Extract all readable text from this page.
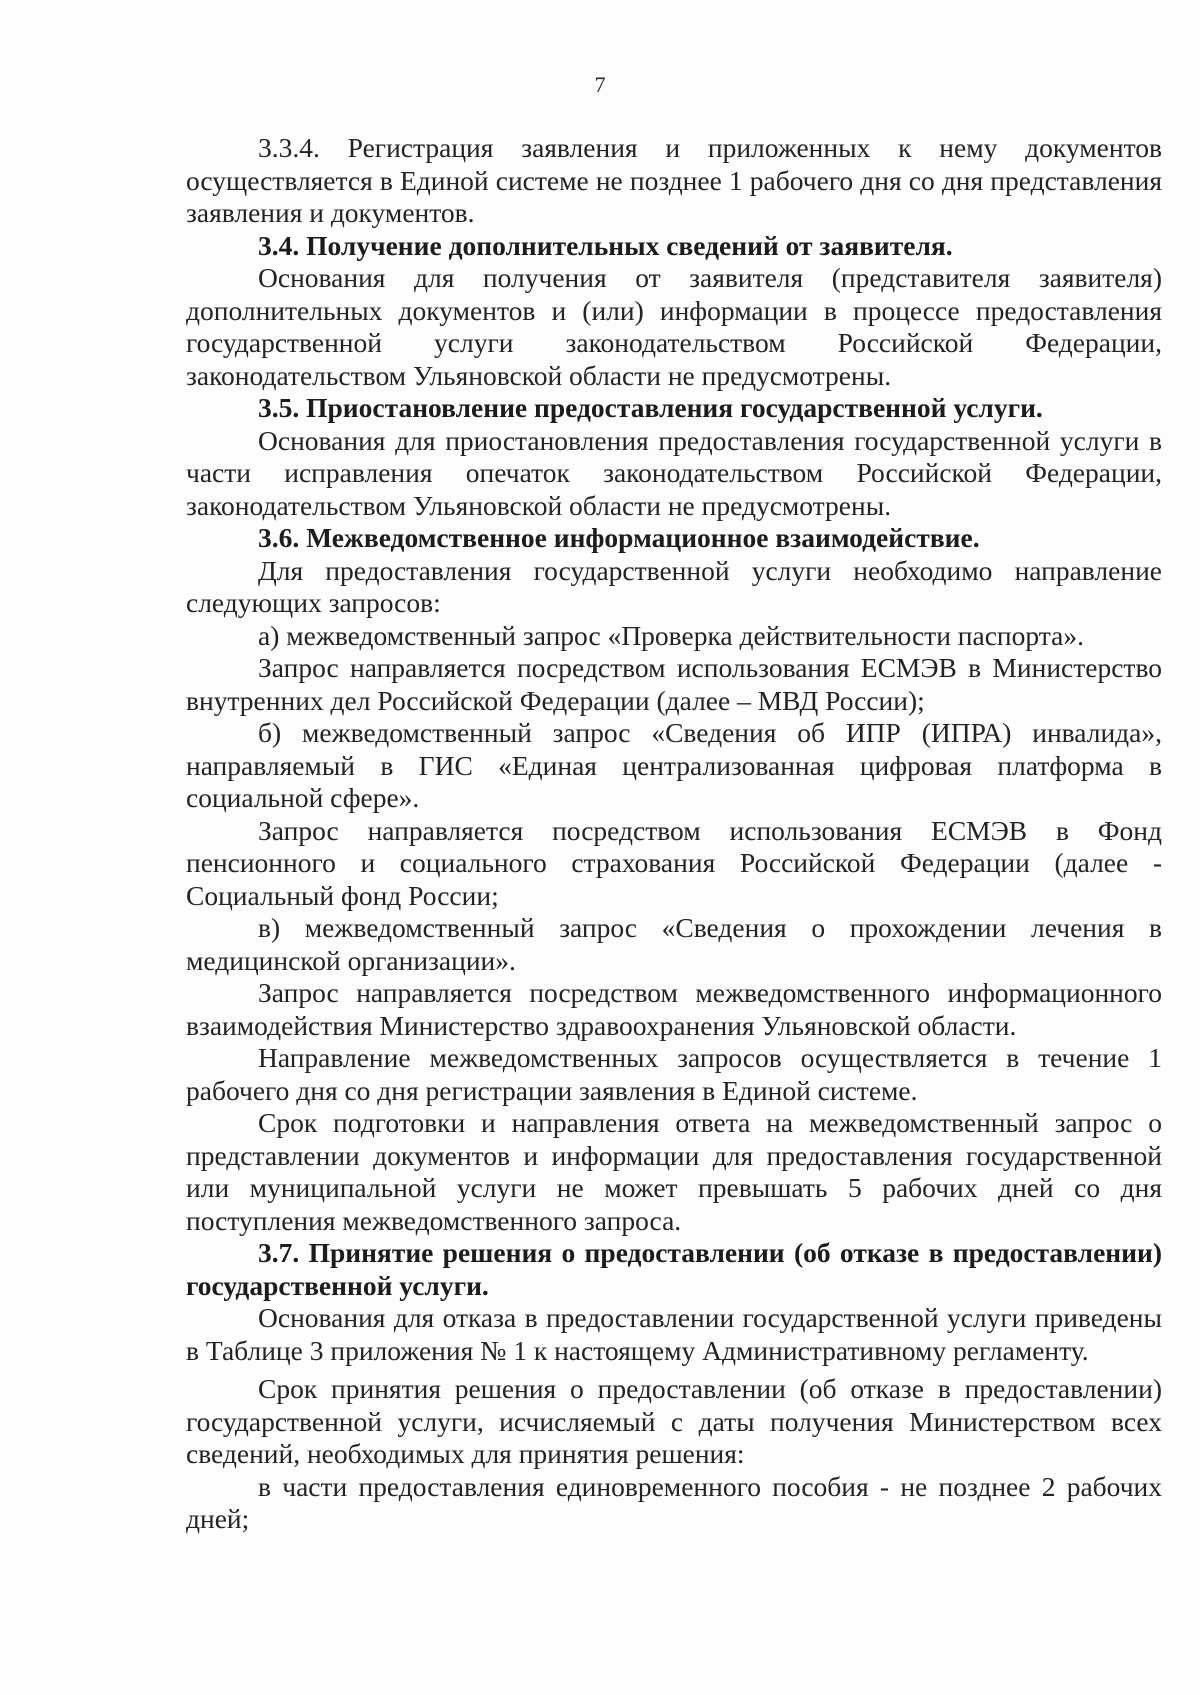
7

3.3.4. Регистрация заявления и приложенных к нему документов осуществляется в Единой системе не позднее 1 рабочего дня со дня представления заявления и документов.

3.4. Получение дополнительных сведений от заявителя.

Основания для получения от заявителя (представителя заявителя) дополнительных документов и (или) информации в процессе предоставления государственной услуги законодательством Российской Федерации, законодательством Ульяновской области не предусмотрены.

3.5. Приостановление предоставления государственной услуги.

Основания для приостановления предоставления государственной услуги в части исправления опечаток законодательством Российской Федерации, законодательством Ульяновской области не предусмотрены.

3.6. Межведомственное информационное взаимодействие.

Для предоставления государственной услуги необходимо направление следующих запросов:

а) межведомственный запрос «Проверка действительности паспорта».

Запрос направляется посредством использования ЕСМЭВ в Министерство внутренних дел Российской Федерации (далее – МВД России);

б) межведомственный запрос «Сведения об ИПР (ИПРА) инвалида», направляемый в ГИС «Единая централизованная цифровая платформа в социальной сфере».

Запрос направляется посредством использования ЕСМЭВ в Фонд пенсионного и социального страхования Российской Федерации (далее - Социальный фонд России;

в) межведомственный запрос «Сведения о прохождении лечения в медицинской организации».

Запрос направляется посредством межведомственного информационного взаимодействия Министерство здравоохранения Ульяновской области.

Направление межведомственных запросов осуществляется в течение 1 рабочего дня со дня регистрации заявления в Единой системе.

Срок подготовки и направления ответа на межведомственный запрос о представлении документов и информации для предоставления государственной или муниципальной услуги не может превышать 5 рабочих дней со дня поступления межведомственного запроса.

3.7. Принятие решения о предоставлении (об отказе в предоставлении) государственной услуги.

Основания для отказа в предоставлении государственной услуги приведены в Таблице 3 приложения № 1 к настоящему Административному регламенту.

Срок принятия решения о предоставлении (об отказе в предоставлении) государственной услуги, исчисляемый с даты получения Министерством всех сведений, необходимых для принятия решения:

в части предоставления единовременного пособия - не позднее 2 рабочих дней;
